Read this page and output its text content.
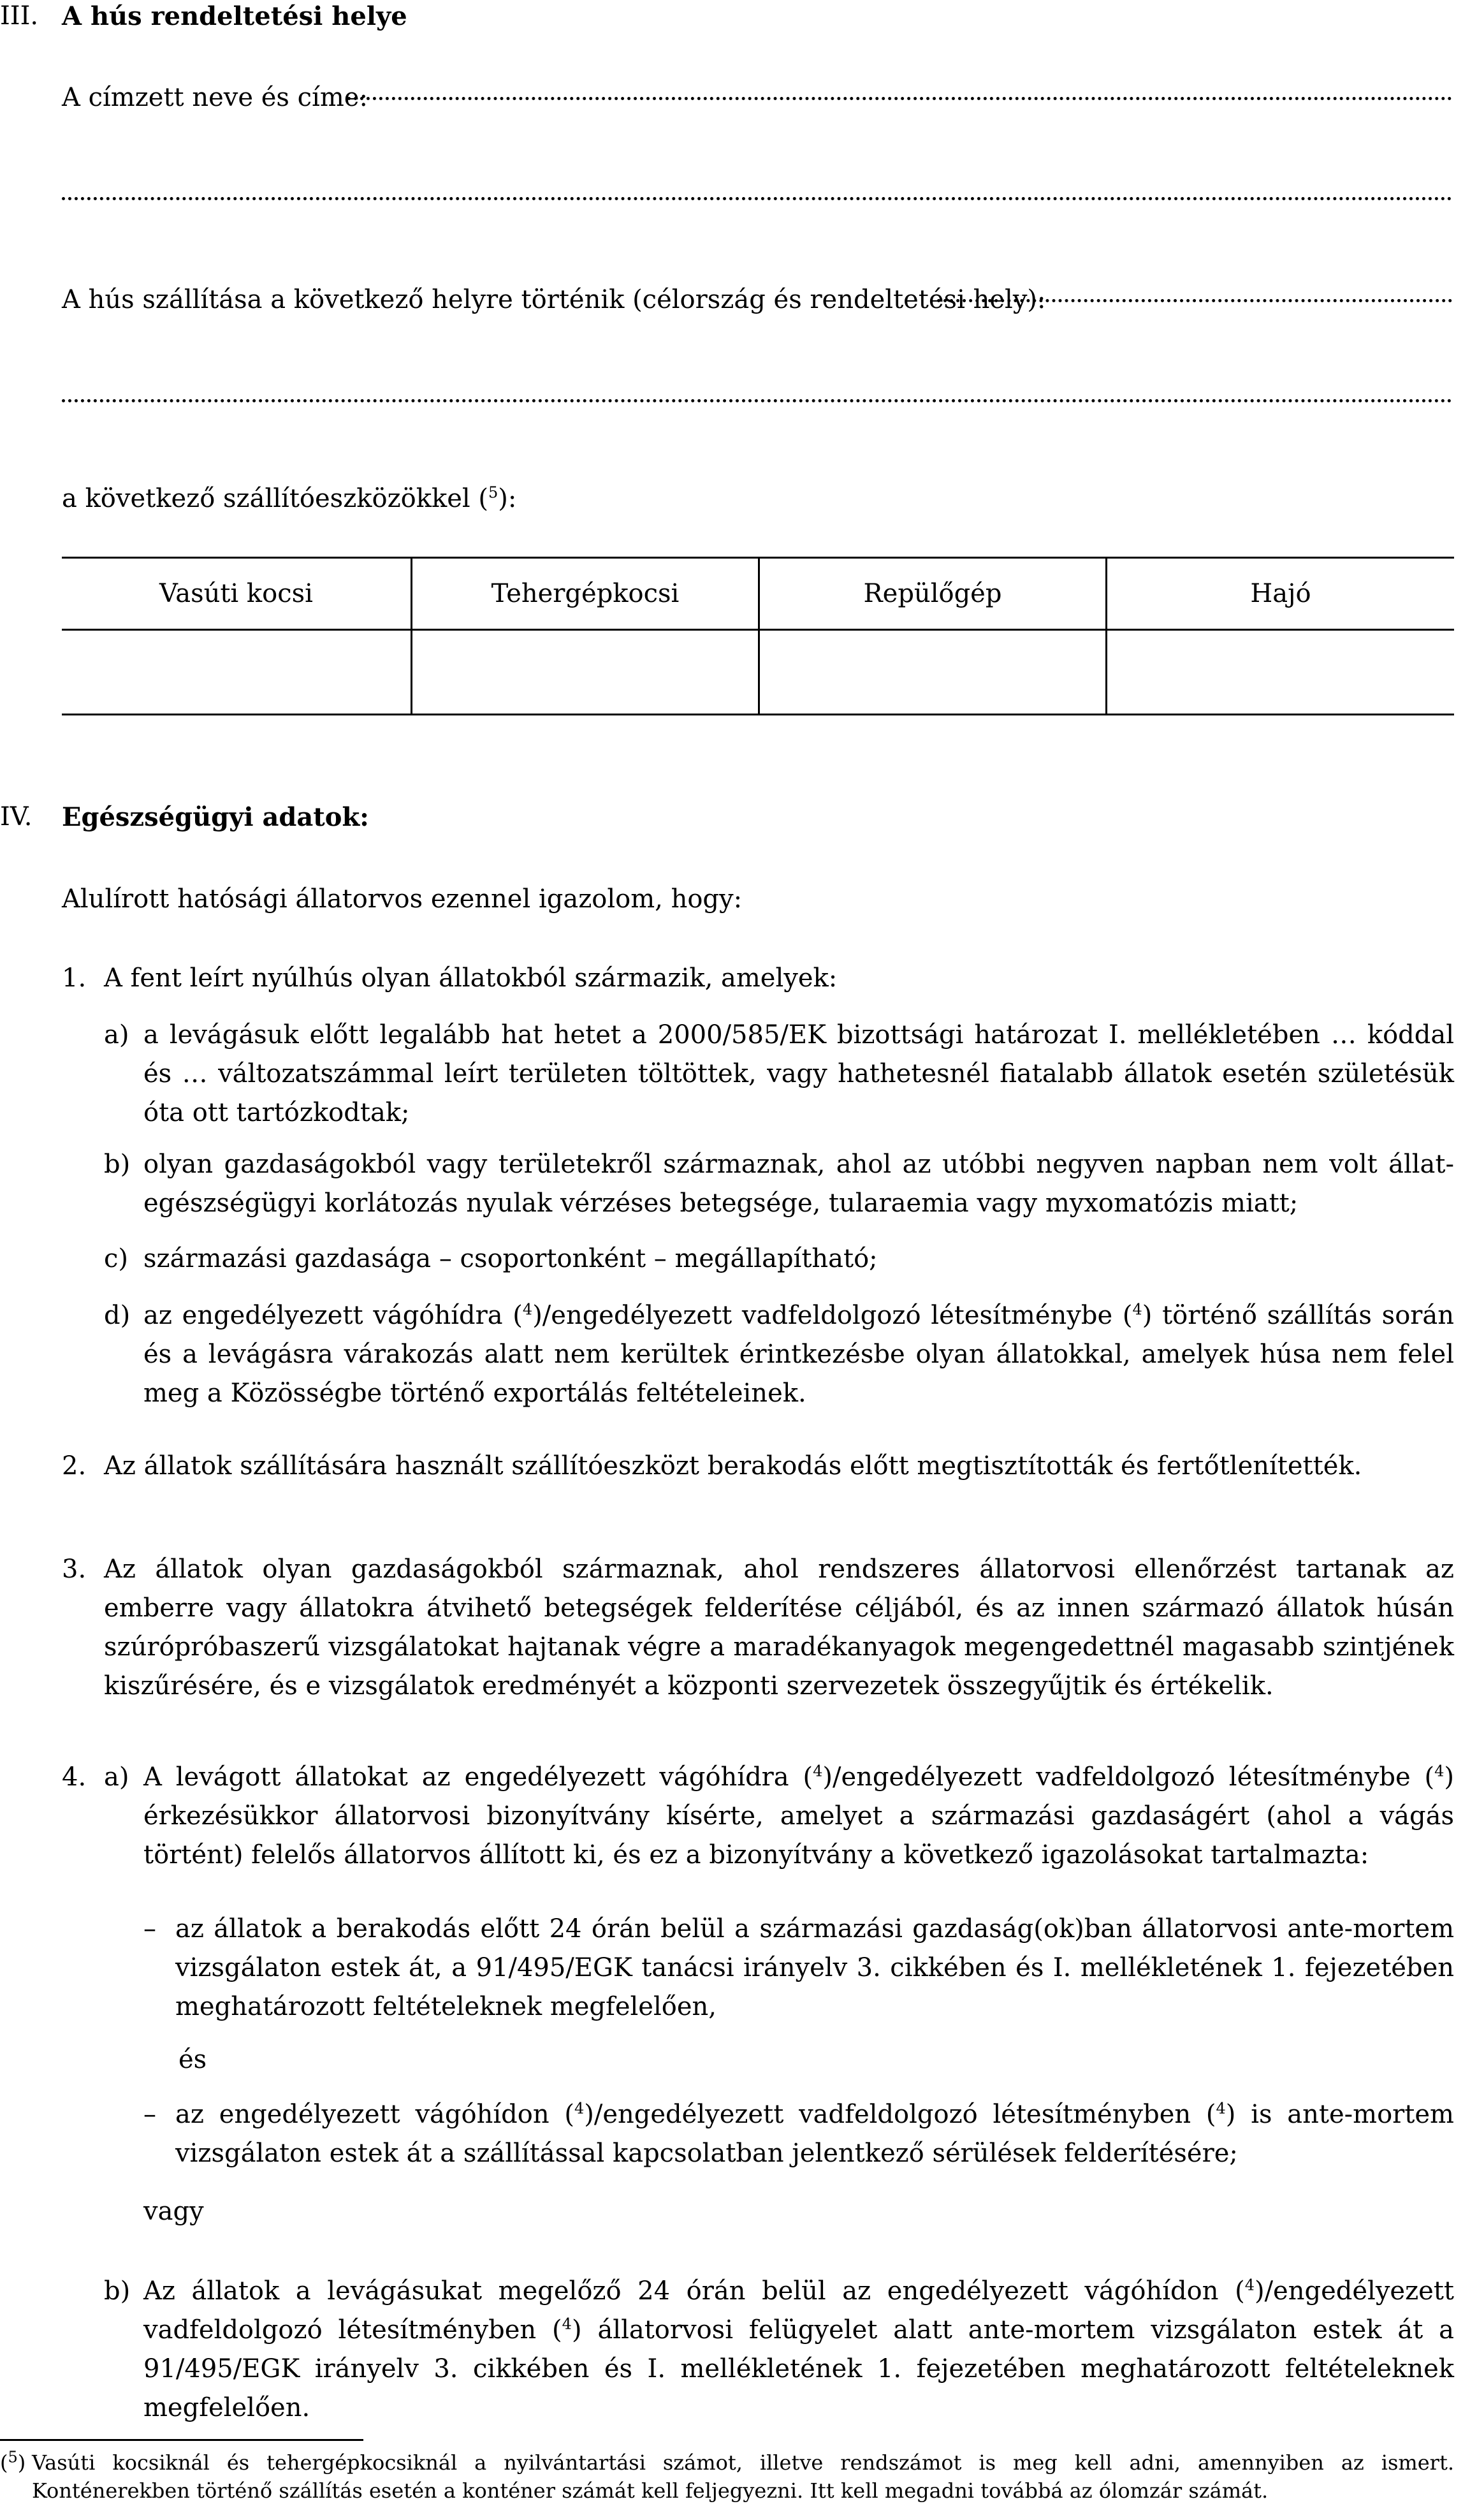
III. A hús rendeltetési helye
A címzett neve és címe:
A hús szállítása a következő helyre történik (célország és rendeltetési hely):
a következő szállítóeszközökkel ($^5$):
Vasúti kocsi	Tehergépkocsi	Repülőgép	Hajó
IV. Egészségügyi adatok:
Alulírott hatósági állatorvos ezennel igazolom, hogy:
1. A fent leírt nyúlhús olyan állatokból származik, amelyek:
a) a levágásuk előtt legalább hat hetet a 2000/585/EK bizottsági határozat I. mellékletében … kóddal és … változatszámmal leírt területen töltöttek, vagy hathetesnél fiatalabb állatok esetén születésük óta ott tartózkodtak;
b) olyan gazdaságokból vagy területekről származnak, ahol az utóbbi negyven napban nem volt állat-egészségügyi korlátozás nyulak vérzéses betegsége, tularaemia vagy myxomatózis miatt;
c) származási gazdasága – csoportonként – megállapítható;
d) az engedélyezett vágóhídra ($^4$)/engedélyezett vadfeldolgozó létesítménybe ($^4$) történő szállítás során és a levágásra várakozás alatt nem kerültek érintkezésbe olyan állatokkal, amelyek húsa nem felel meg a Közösségbe történő exportálás feltételeinek.
2. Az állatok szállítására használt szállítóeszközt berakodás előtt megtisztították és fertőtlenítették.
3. Az állatok olyan gazdaságokból származnak, ahol rendszeres állatorvosi ellenőrzést tartanak az emberre vagy állatokra átvihető betegségek felderítése céljából, és az innen származó állatok húsán szúrópróbaszerű vizsgálatokat hajtanak végre a maradékanyagok megengedettnél magasabb szintjének kiszűrésére, és e vizsgálatok eredményét a központi szervezetek összegyűjtik és értékelik.
4. a) A levágott állatokat az engedélyezett vágóhídra ($^4$)/engedélyezett vadfeldolgozó létesítménybe ($^4$) érkezésükkor állatorvosi bizonyítvány kísérte, amelyet a származási gazdaságért (ahol a vágás történt) felelős állatorvos állított ki, és ez a bizonyítvány a következő igazolásokat tartalmazta:
– az állatok a berakodás előtt 24 órán belül a származási gazdaság(ok)ban állatorvosi ante-mortem vizsgálaton estek át, a 91/495/EGK tanácsi irányelv 3. cikkében és I. mellékletének 1. fejezetében meghatározott feltételeknek megfelelően,
és
– az engedélyezett vágóhídon ($^4$)/engedélyezett vadfeldolgozó létesítményben ($^4$) is ante-mortem vizsgálaton estek át a szállítással kapcsolatban jelentkező sérülések felderítésére;
vagy
b) Az állatok a levágásukat megelőző 24 órán belül az engedélyezett vágóhídon ($^4$)/engedélyezett vadfeldolgozó létesítményben ($^4$) állatorvosi felügyelet alatt ante-mortem vizsgálaton estek át a 91/495/EGK irányelv 3. cikkében és I. mellékletének 1. fejezetében meghatározott feltételeknek megfelelően.
($^5$) Vasúti kocsiknál és tehergépkocsiknál a nyilvántartási számot, illetve rendszámot is meg kell adni, amennyiben az ismert. Konténerekben történő szállítás esetén a konténer számát kell feljegyezni. Itt kell megadni továbbá az ólomzár számát.
